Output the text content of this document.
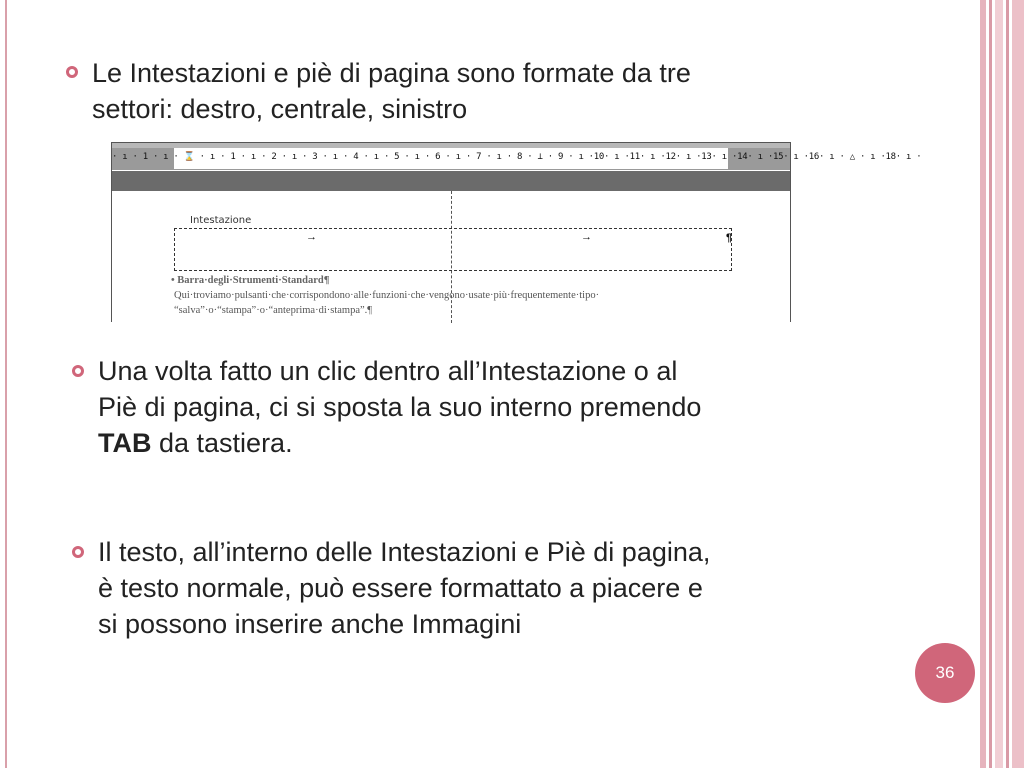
Le Intestazioni e piè di pagina sono formate da tre
settori: destro, centrale, sinistro
· ı · 1 · ı · ⌛ · ı · 1 · ı · 2 · ı · 3 · ı · 4 · ı · 5 · ı · 6 · ı · 7 · ı · 8 · ⊥ · 9 · ı ·10· ı ·11· ı ·12· ı ·13· ı ·14· ı ·15· ı ·16· ı · △ · ı ·18· ı ·
Intestazione
→	→	¶
• Barra·degli·Strumenti·Standard¶
Qui·troviamo·pulsanti·che·corrispondono·alle·funzioni·che·vengono·usate·più·frequentemente·tipo·
“salva”·o·“stampa”·o·“anteprima·di·stampa”.¶
Una volta fatto un clic dentro all’Intestazione o al
Piè di pagina, ci si sposta la suo interno premendo
TAB da tastiera.
Il testo, all’interno delle Intestazioni e Piè di pagina,
è testo normale, può essere formattato a piacere e
si possono inserire anche Immagini
36
